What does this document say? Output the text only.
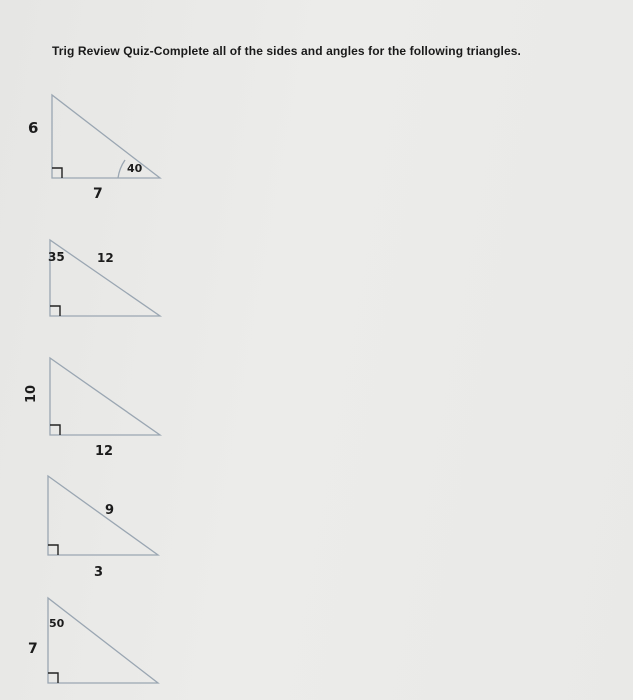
Trig Review Quiz-Complete all of the sides and angles for the following triangles.
6
7
40
35	12
10
12
9
3
50
7
